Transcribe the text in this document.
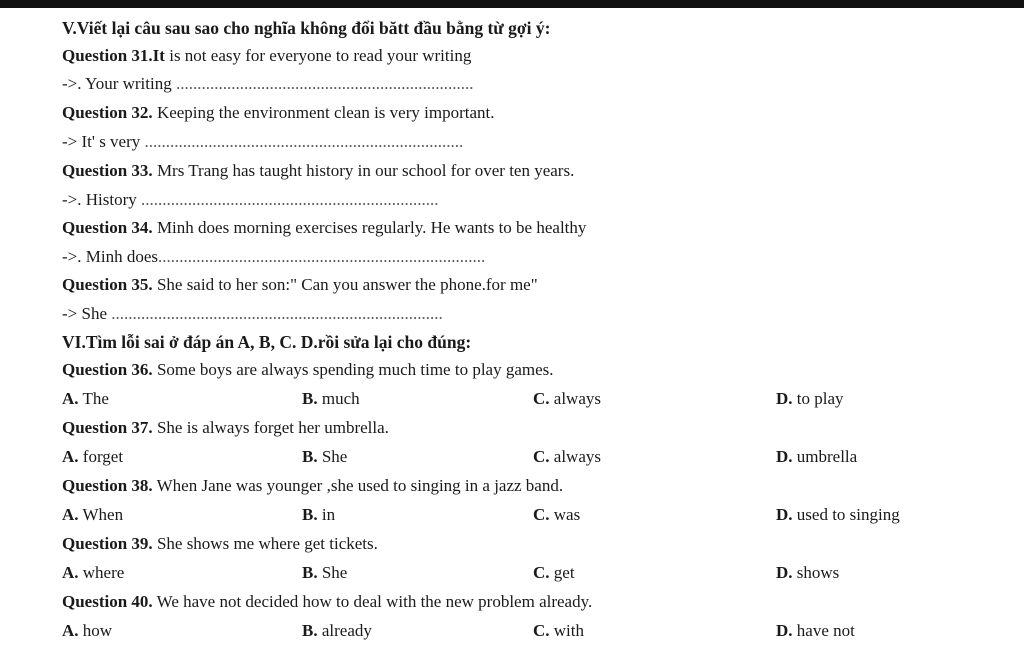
V.Viết lại câu sau sao cho nghĩa không đổi bătt đầu bằng từ gợi ý:
Question 31.It is not easy for everyone to read your writing
->. Your writing ......................................................................
Question 32. Keeping the environment clean is very important.
-> It' s very ...........................................................................
Question 33. Mrs Trang has taught history in our school for over ten years.
->. History ......................................................................
Question 34. Minh does morning exercises regularly. He wants to be healthy
->. Minh does.............................................................................
Question 35. She said to her son:" Can you answer the phone.for me"
-> She ..............................................................................
VI.Tìm lỗi sai ở đáp án A, B, C. D.rồi sửa lại cho đúng:
Question 36. Some boys are always spending much time to play games.
A. The	B. much	C. always	D. to play
Question 37. She is always forget her umbrella.
A. forget	B. She	C. always	D. umbrella
Question 38. When Jane was younger ,she used to singing in a jazz band.
A. When	B. in	C. was	D. used to singing
Question 39. She shows me where get tickets.
A. where	B. She	C. get	D. shows
Question 40. We have not decided how to deal with the new problem already.
A. how	B. already	C. with	D. have not
